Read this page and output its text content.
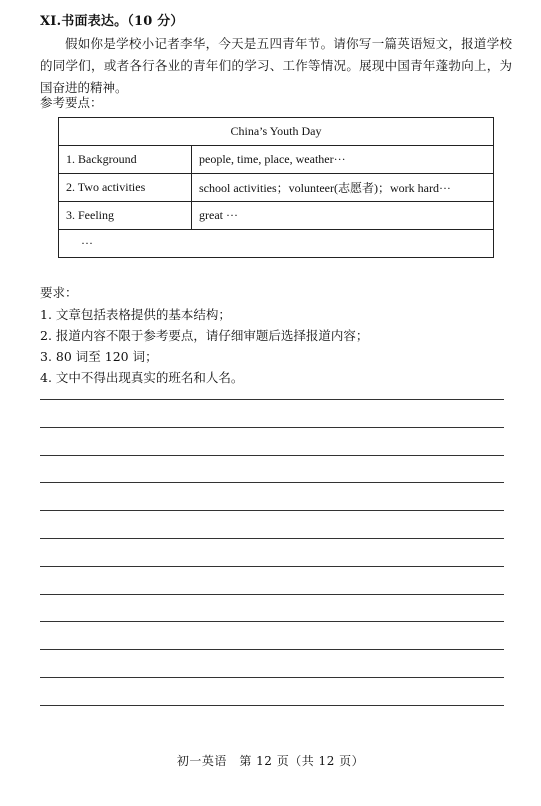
XI.书面表达。（10 分）
假如你是学校小记者李华，今天是五四青年节。请你写一篇英语短文，报道学校的同学们，或者各行各业的青年们的学习、工作等情况。展现中国青年蓬勃向上，为国奋进的精神。
参考要点：
China’s Youth Day	
1. Background	people, time, place, weather···
2. Two activities	school activities；volunteer(志愿者)；work hard···
3. Feeling	great ···
···	
要求：
1. 文章包括表格提供的基本结构；
2. 报道内容不限于参考要点，请仔细审题后选择报道内容；
3. 80 词至 120 词；
4. 文中不得出现真实的班名和人名。
初一英语　第 12 页（共 12 页）
